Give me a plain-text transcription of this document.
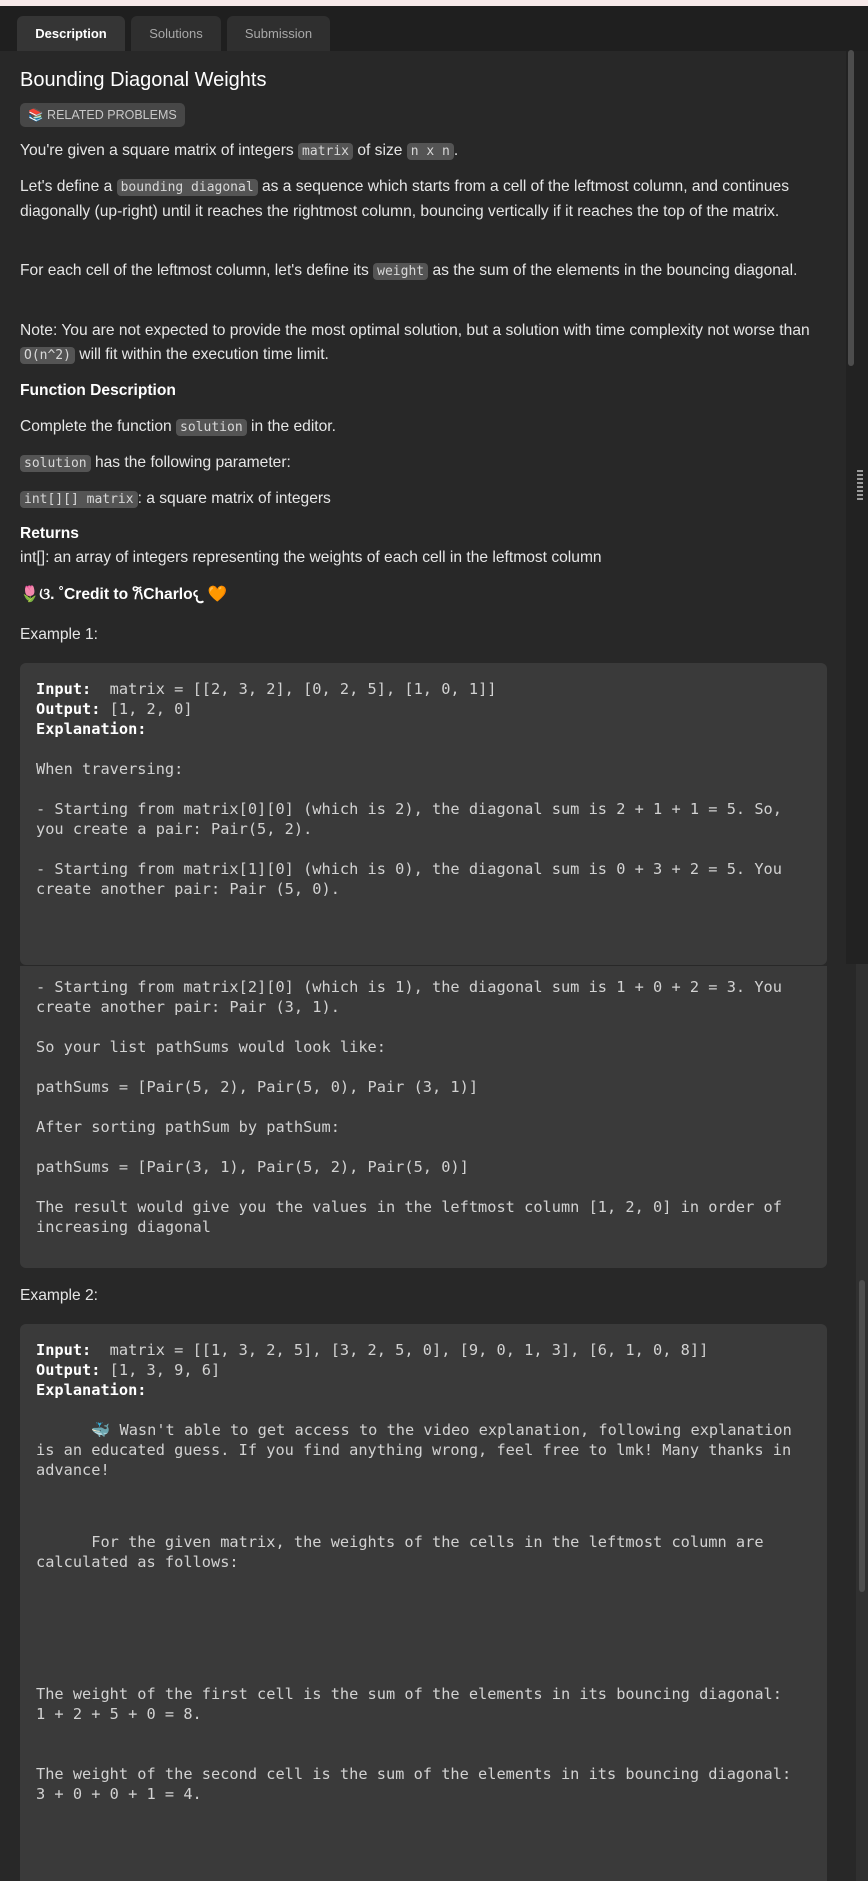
Description	Solutions	Submission
Bounding Diagonal Weights
📚 RELATED PROBLEMS
You're given a square matrix of integers matrix of size n x n .
Let's define a bounding diagonal as a sequence which starts from a cell of the leftmost column, and continues diagonally (up-right) until it reaches the rightmost column, bouncing vertically if it reaches the top of the matrix.
For each cell of the leftmost column, let's define its weight as the sum of the elements in the bouncing diagonal.
Note: You are not expected to provide the most optimal solution, but a solution with time complexity not worse than O(n^2) will fit within the execution time limit.
Function Description
Complete the function solution in the editor.
solution has the following parameter:
int[][] matrix : a square matrix of integers
Returns
int[]: an array of integers representing the weights of each cell in the leftmost column
🌷ଓ. ˚Credit to 𐙚Charlo𐔌 🧡
Example 1:
Input:  matrix = [[2, 3, 2], [0, 2, 5], [1, 0, 1]]
Output: [1, 2, 0]
Explanation:
When traversing:
- Starting from matrix[0][0] (which is 2), the diagonal sum is 2 + 1 + 1 = 5. So,
you create a pair: Pair(5, 2).
- Starting from matrix[1][0] (which is 0), the diagonal sum is 0 + 3 + 2 = 5. You
create another pair: Pair (5, 0).
- Starting from matrix[2][0] (which is 1), the diagonal sum is 1 + 0 + 2 = 3. You
create another pair: Pair (3, 1).
So your list pathSums would look like:
pathSums = [Pair(5, 2), Pair(5, 0), Pair (3, 1)]
After sorting pathSum by pathSum:
pathSums = [Pair(3, 1), Pair(5, 2), Pair(5, 0)]
The result would give you the values in the leftmost column [1, 2, 0] in order of
increasing diagonal
Example 2:
Input:  matrix = [[1, 3, 2, 5], [3, 2, 5, 0], [9, 0, 1, 3], [6, 1, 0, 8]]
Output: [1, 3, 9, 6]
Explanation:
🐳 Wasn't able to get access to the video explanation, following explanation
is an educated guess. If you find anything wrong, feel free to lmk! Many thanks in
advance!
For the given matrix, the weights of the cells in the leftmost column are
calculated as follows:
The weight of the first cell is the sum of the elements in its bouncing diagonal:
1 + 2 + 5 + 0 = 8.
The weight of the second cell is the sum of the elements in its bouncing diagonal:
3 + 0 + 0 + 1 = 4.
